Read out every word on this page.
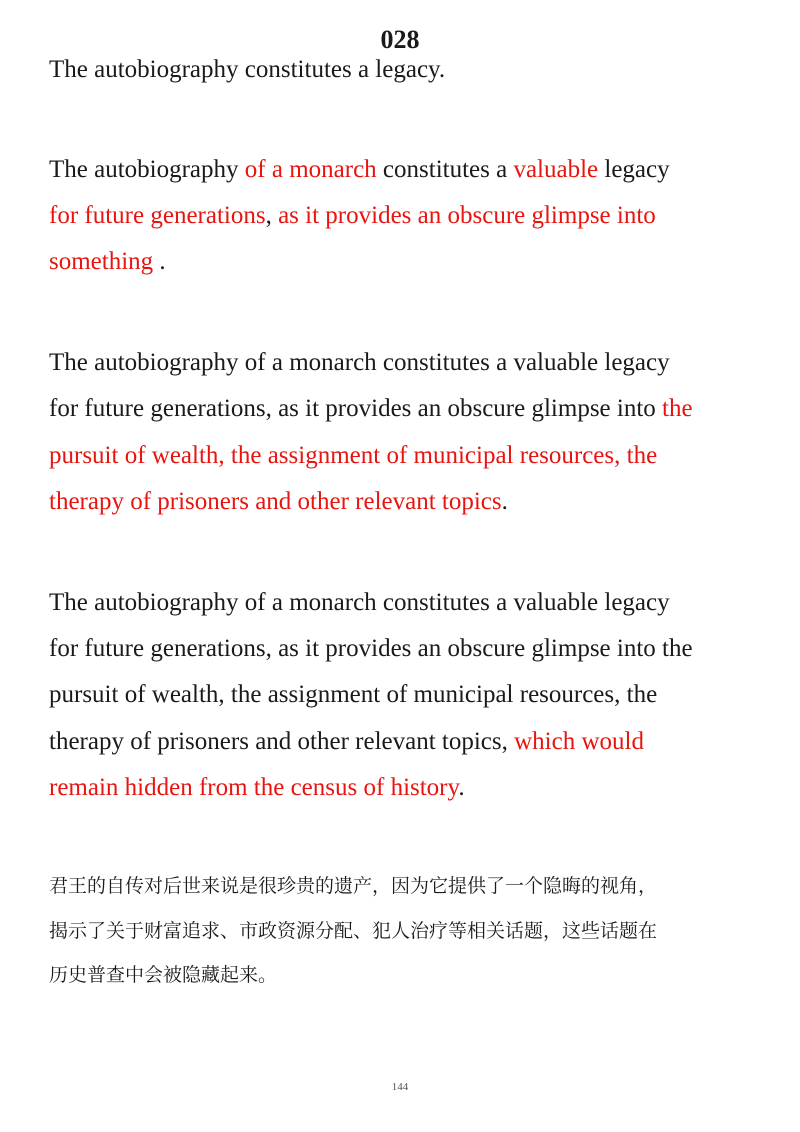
028
The autobiography constitutes a legacy.
The autobiography of a monarch constitutes a valuable legacy
for future generations, as it provides an obscure glimpse into
something .
The autobiography of a monarch constitutes a valuable legacy
for future generations, as it provides an obscure glimpse into the
pursuit of wealth, the assignment of municipal resources, the
therapy of prisoners and other relevant topics.
The autobiography of a monarch constitutes a valuable legacy
for future generations, as it provides an obscure glimpse into the
pursuit of wealth, the assignment of municipal resources, the
therapy of prisoners and other relevant topics, which would
remain hidden from the census of history.
君王的自传对后世来说是很珍贵的遗产，因为它提供了一个隐晦的视角，
揭示了关于财富追求、市政资源分配、犯人治疗等相关话题，这些话题在
历史普查中会被隐藏起来。
144
